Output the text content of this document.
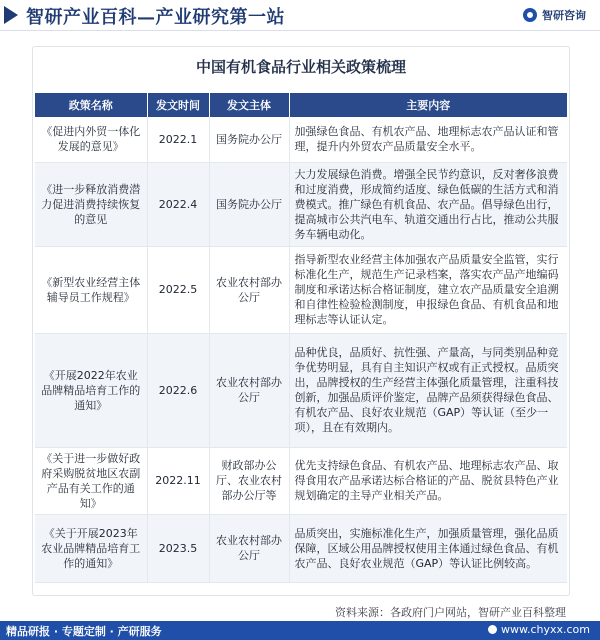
智研产业百科—产业研究第一站	智研咨询
中国有机食品行业相关政策梳理
政策名称	发文时间	发文主体	主要内容
《促进内外贸一体化发展的意见》	2022.1	国务院办公厅	加强绿色食品、有机农产品、地理标志农产品认证和管理，提升内外贸农产品质量安全水平。
《进一步释放消费潜力促进消费持续恢复的意见	2022.4	国务院办公厅	大力发展绿色消费。增强全民节约意识，反对奢侈浪费和过度消费，形成简约适度、绿色低碳的生活方式和消费模式。推广绿色有机食品、农产品。倡导绿色出行，提高城市公共汽电车、轨道交通出行占比，推动公共服务车辆电动化。
《新型农业经营主体辅导员工作规程》	2022.5	农业农村部办公厅	指导新型农业经营主体加强农产品质量安全监管，实行标准化生产，规范生产记录档案，落实农产品产地编码制度和承诺达标合格证制度，建立农产品质量安全追溯和自律性检验检测制度，申报绿色食品、有机食品和地理标志等认证认定。
《开展2022年农业品牌精品培育工作的通知》	2022.6	农业农村部办公厅	品种优良，品质好、抗性强、产量高，与同类别品种竞争优势明显，具有自主知识产权或有正式授权。品质突出，品牌授权的生产经营主体强化质量管理，注重科技创新，加强品质评价鉴定，品牌产品须获得绿色食品、有机农产品、良好农业规范（GAP）等认证（至少一项），且在有效期内。
《关于进一步做好政府采购脱贫地区农副产品有关工作的通知》	2022.11	财政部办公厅、农业农村部办公厅等	优先支持绿色食品、有机农产品、地理标志农产品、取得食用农产品承诺达标合格证的产品、脱贫县特色产业规划确定的主导产业相关产品。
《关于开展2023年农业品牌精品培育工作的通知》	2023.5	农业农村部办公厅	品质突出，实施标准化生产，加强质量管理，强化品质保障，区域公用品牌授权使用主体通过绿色食品、有机农产品、良好农业规范（GAP）等认证比例较高。
资料来源：各政府门户网站，智研产业百科整理
精品研报 · 专题定制 · 产研服务	www.chyxx.com
